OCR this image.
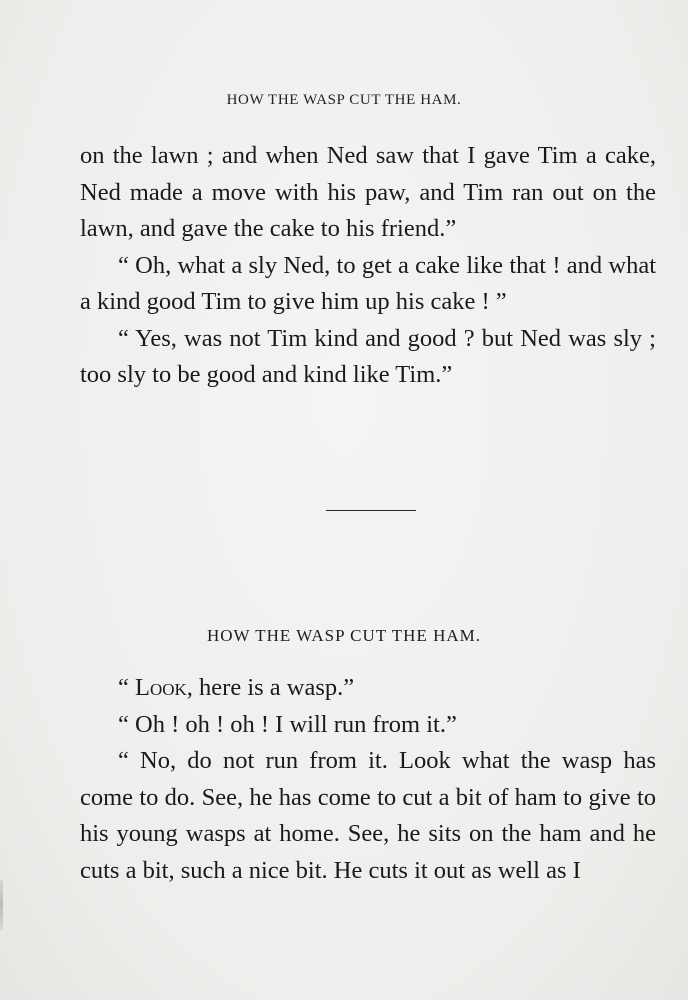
HOW THE WASP CUT THE HAM.

on the lawn ; and when Ned saw that I gave Tim a cake, Ned made a move with his paw, and Tim ran out on the lawn, and gave the cake to his friend.”

“ Oh, what a sly Ned, to get a cake like that ! and what a kind good Tim to give him up his cake ! ”

“ Yes, was not Tim kind and good ? but Ned was sly ; too sly to be good and kind like Tim.”

HOW THE WASP CUT THE HAM.

“ Look, here is a wasp.”

“ Oh ! oh ! oh ! I will run from it.”

“ No, do not run from it. Look what the wasp has come to do. See, he has come to cut a bit of ham to give to his young wasps at home. See, he sits on the ham and he cuts a bit, such a nice bit. He cuts it out as well as I
